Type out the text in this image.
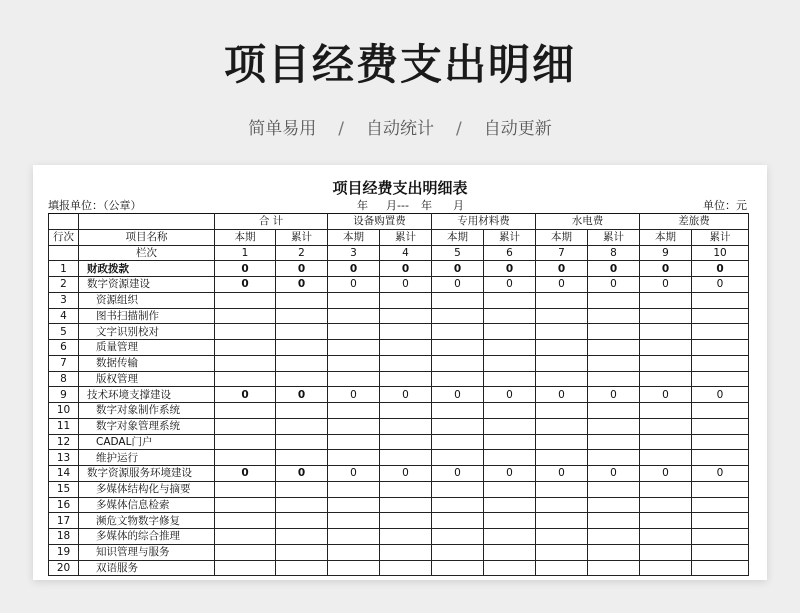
项目经费支出明细
简单易用 / 自动统计 / 自动更新
项目经费支出明细表
填报单位：（公章）	年 月--- 年 月	单位：元
		合 计		设备购置费		专用材料费		水电费		差旅费	
行次	项目名称	本期	累计	本期	累计	本期	累计	本期	累计	本期	累计
	栏次	1	2	3	4	5	6	7	8	9	10
1	财政拨款	0	0	0	0	0	0	0	0	0	0
2	数字资源建设	0	0	0	0	0	0	0	0	0	0
3	资源组织										
4	图书扫描制作										
5	文字识别校对										
6	质量管理										
7	数据传输										
8	版权管理										
9	技术环境支撑建设	0	0	0	0	0	0	0	0	0	0
10	数字对象制作系统										
11	数字对象管理系统										
12	CADAL门户										
13	维护运行										
14	数字资源服务环境建设	0	0	0	0	0	0	0	0	0	0
15	多媒体结构化与摘要										
16	多媒体信息检索										
17	濒危文物数字修复										
18	多媒体的综合推理										
19	知识管理与服务										
20	双语服务										
